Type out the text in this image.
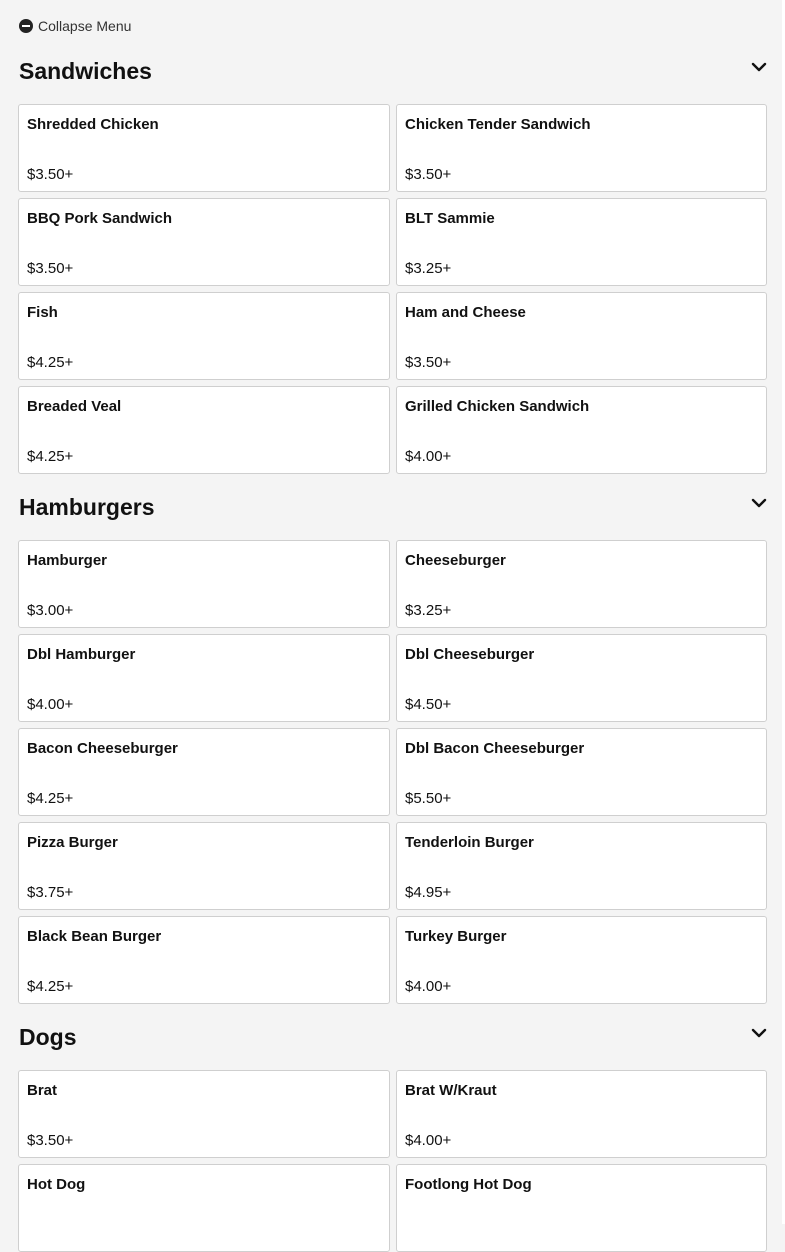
Collapse Menu
Sandwiches
Shredded Chicken
$3.50+
Chicken Tender Sandwich
$3.50+
BBQ Pork Sandwich
$3.50+
BLT Sammie
$3.25+
Fish
$4.25+
Ham and Cheese
$3.50+
Breaded Veal
$4.25+
Grilled Chicken Sandwich
$4.00+
Hamburgers
Hamburger
$3.00+
Cheeseburger
$3.25+
Dbl Hamburger
$4.00+
Dbl Cheeseburger
$4.50+
Bacon Cheeseburger
$4.25+
Dbl Bacon Cheeseburger
$5.50+
Pizza Burger
$3.75+
Tenderloin Burger
$4.95+
Black Bean Burger
$4.25+
Turkey Burger
$4.00+
Dogs
Brat
$3.50+
Brat W/Kraut
$4.00+
Hot Dog	Footlong Hot Dog
